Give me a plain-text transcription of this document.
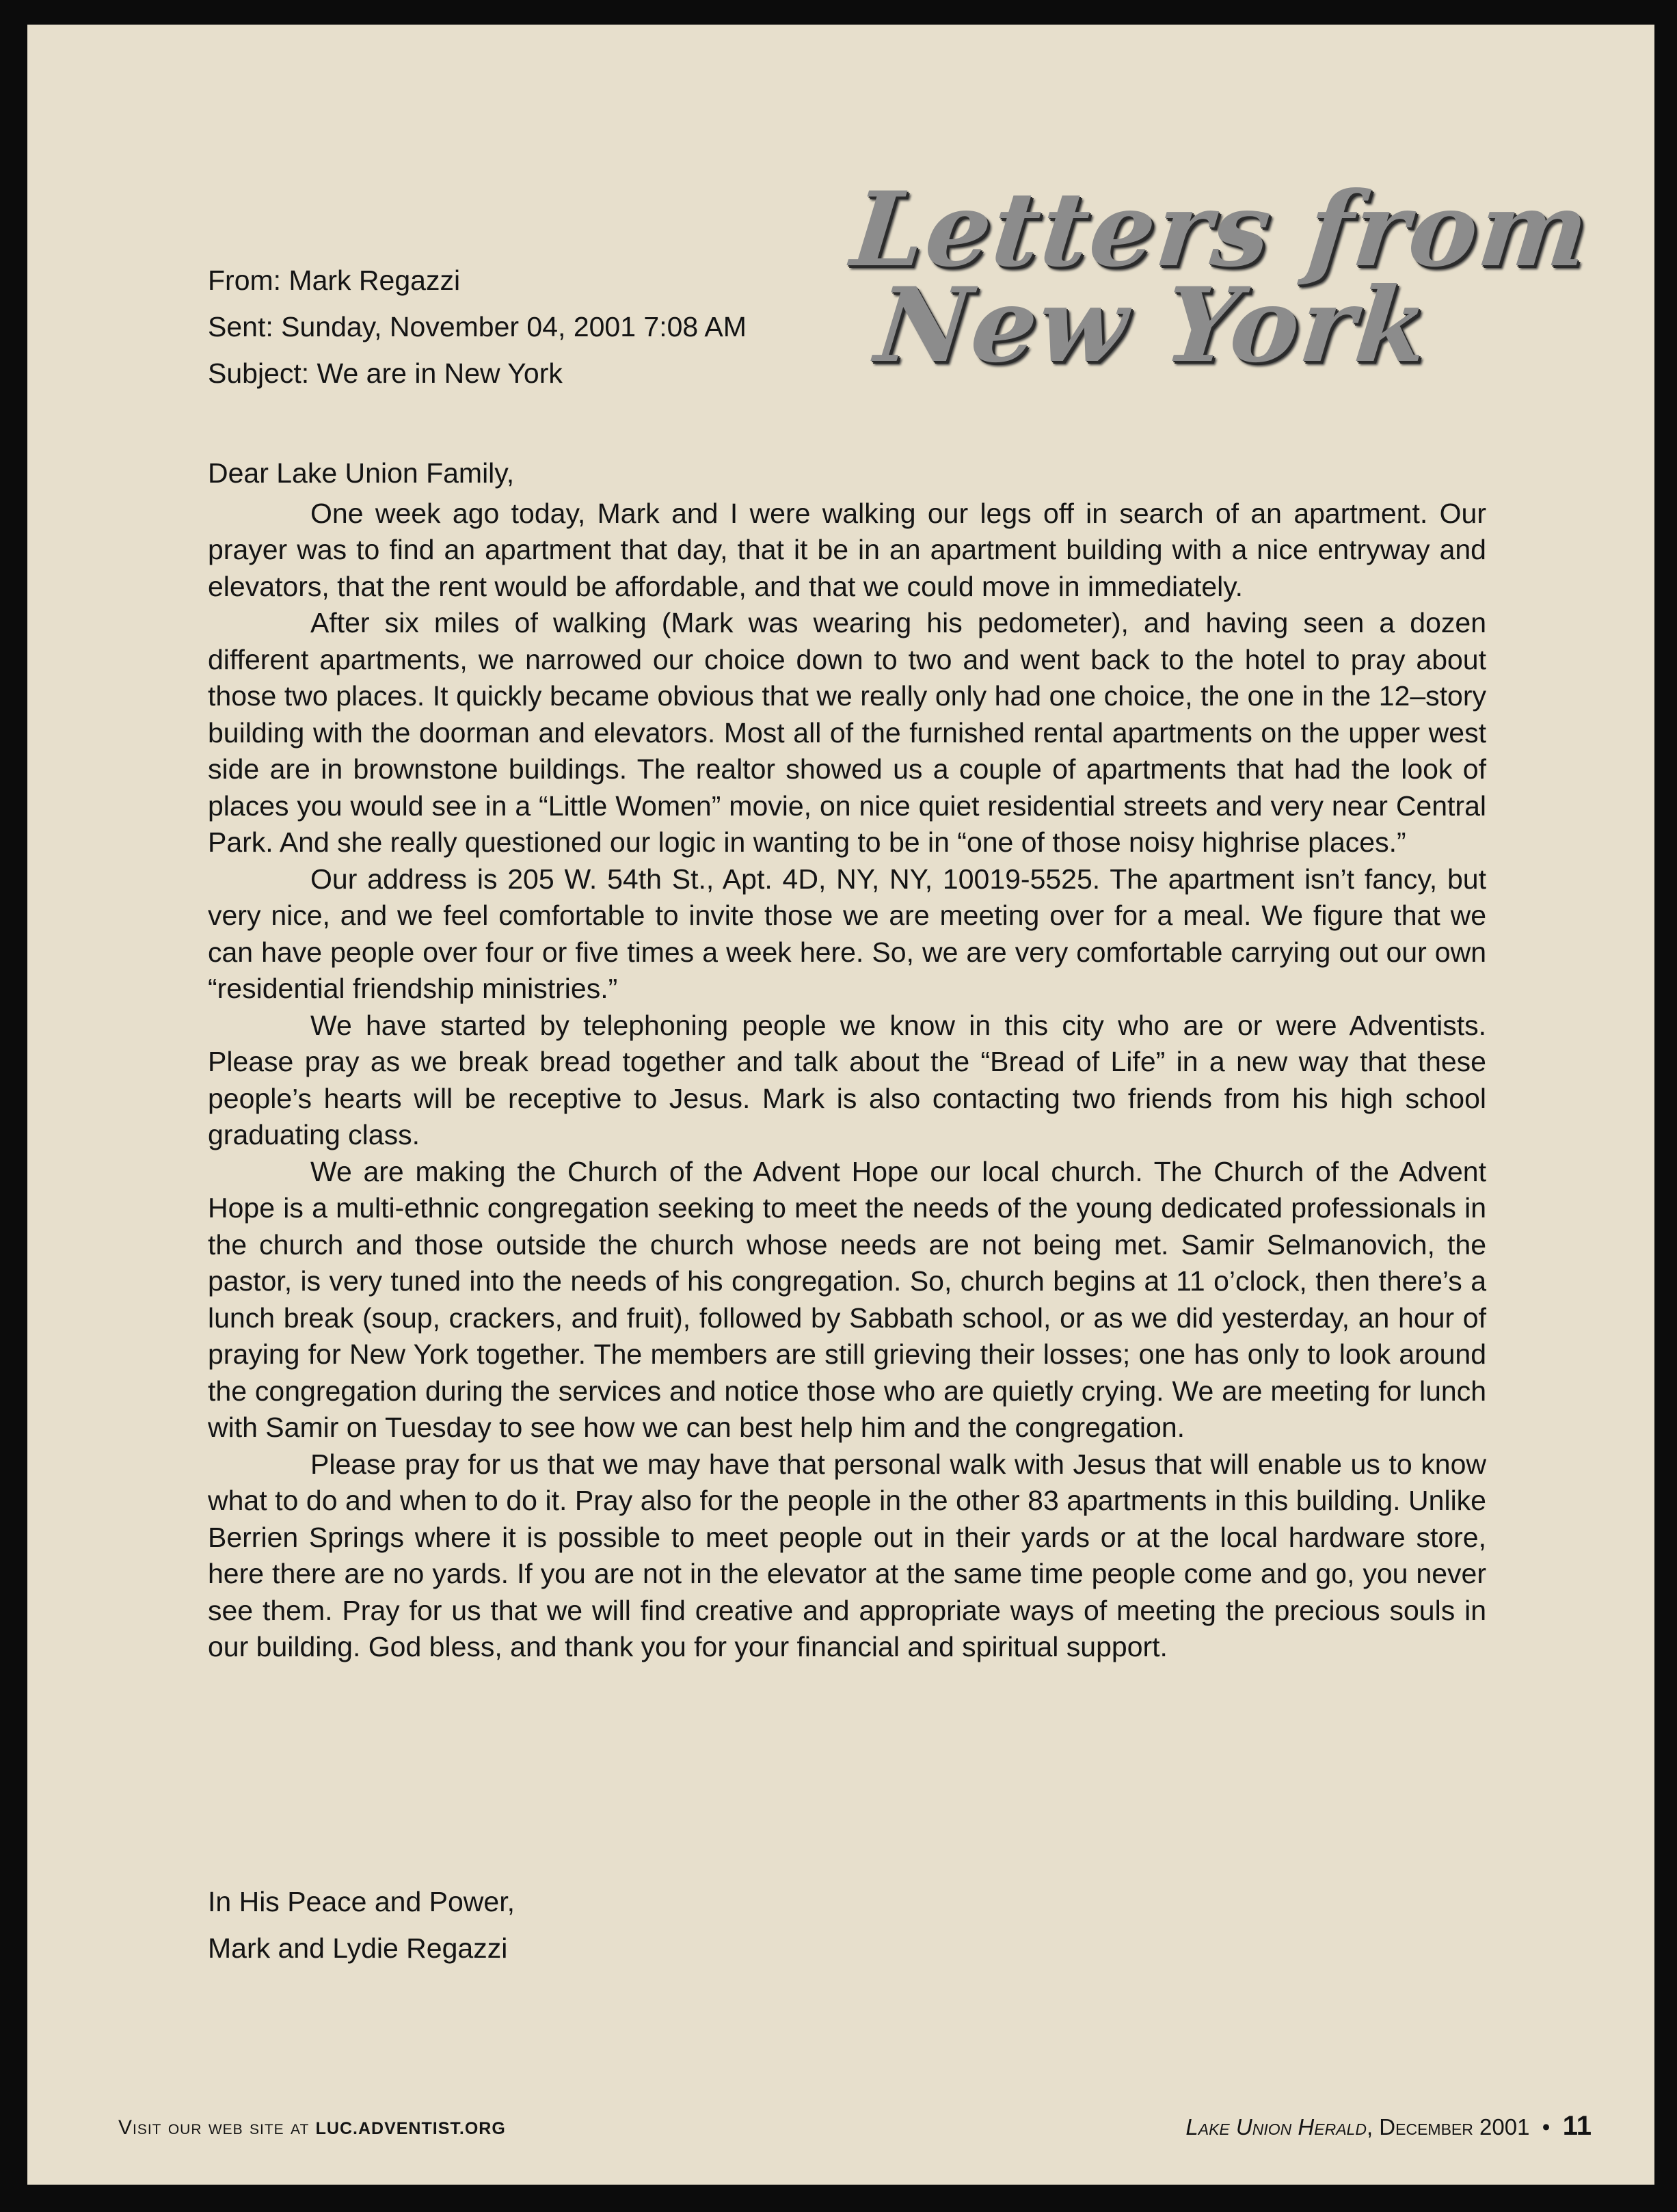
From: Mark Regazzi
Sent: Sunday, November 04, 2001 7:08 AM
Subject: We are in New York
Letters from
New York

Dear Lake Union Family,

One week ago today, Mark and I were walking our legs off in search of an apartment. Our prayer was to find an apartment that day, that it be in an apartment building with a nice entryway and elevators, that the rent would be affordable, and that we could move in immediately.

After six miles of walking (Mark was wearing his pedometer), and having seen a dozen different apartments, we narrowed our choice down to two and went back to the hotel to pray about those two places. It quickly became obvious that we really only had one choice, the one in the 12–story building with the doorman and elevators. Most all of the furnished rental apartments on the upper west side are in brownstone buildings. The realtor showed us a couple of apartments that had the look of places you would see in a “Little Women” movie, on nice quiet residential streets and very near Central Park. And she really questioned our logic in wanting to be in “one of those noisy highrise places.”

Our address is 205 W. 54th St., Apt. 4D, NY, NY, 10019-5525. The apartment isn’t fancy, but very nice, and we feel comfortable to invite those we are meeting over for a meal. We figure that we can have people over four or five times a week here. So, we are very comfortable carrying out our own “residential friendship ministries.”

We have started by telephoning people we know in this city who are or were Adventists. Please pray as we break bread together and talk about the “Bread of Life” in a new way that these people’s hearts will be receptive to Jesus. Mark is also contacting two friends from his high school graduating class.

We are making the Church of the Advent Hope our local church. The Church of the Advent Hope is a multi-ethnic congregation seeking to meet the needs of the young dedicated professionals in the church and those outside the church whose needs are not being met. Samir Selmanovich, the pastor, is very tuned into the needs of his congregation. So, church begins at 11 o’clock, then there’s a lunch break (soup, crackers, and fruit), followed by Sabbath school, or as we did yesterday, an hour of praying for New York together. The members are still grieving their losses; one has only to look around the congregation during the services and notice those who are quietly crying. We are meeting for lunch with Samir on Tuesday to see how we can best help him and the congregation.

Please pray for us that we may have that personal walk with Jesus that will enable us to know what to do and when to do it. Pray also for the people in the other 83 apartments in this building. Unlike Berrien Springs where it is possible to meet people out in their yards or at the local hardware store, here there are no yards. If you are not in the elevator at the same time people come and go, you never see them. Pray for us that we will find creative and appropriate ways of meeting the precious souls in our building. God bless, and thank you for your financial and spiritual support.

In His Peace and Power,
Mark and Lydie Regazzi
Visit our web site at LUC.ADVENTIST.ORG	Lake Union Herald, December 2001 • 11
